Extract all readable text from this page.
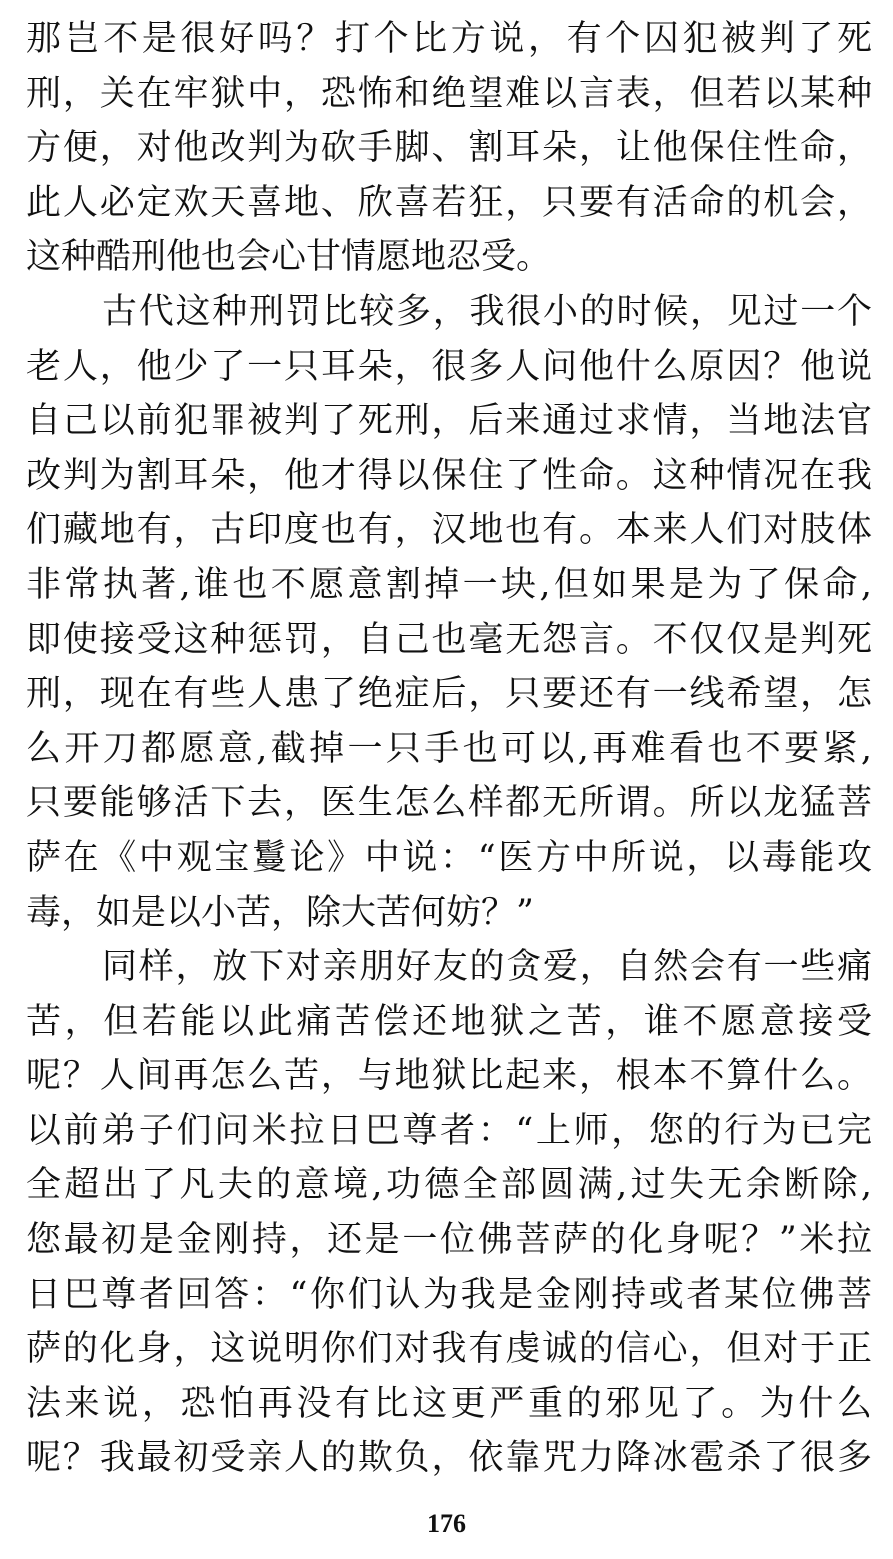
那岂不是很好吗？打个比方说，有个囚犯被判了死
刑，关在牢狱中，恐怖和绝望难以言表，但若以某种
方便，对他改判为砍手脚、割耳朵，让他保住性命，
此人必定欢天喜地、欣喜若狂，只要有活命的机会，
这种酷刑他也会心甘情愿地忍受。
古代这种刑罚比较多，我很小的时候，见过一个
老人，他少了一只耳朵，很多人问他什么原因？他说
自己以前犯罪被判了死刑，后来通过求情，当地法官
改判为割耳朵，他才得以保住了性命。这种情况在我
们藏地有，古印度也有，汉地也有。本来人们对肢体
非常执著,谁也不愿意割掉一块,但如果是为了保命,
即使接受这种惩罚，自己也毫无怨言。不仅仅是判死
刑，现在有些人患了绝症后，只要还有一线希望，怎
么开刀都愿意,截掉一只手也可以,再难看也不要紧,
只要能够活下去，医生怎么样都无所谓。所以龙猛菩
萨在《中观宝鬘论》中说：“医方中所说，以毒能攻
毒，如是以小苦，除大苦何妨？”
同样，放下对亲朋好友的贪爱，自然会有一些痛
苦，但若能以此痛苦偿还地狱之苦，谁不愿意接受
呢？人间再怎么苦，与地狱比起来，根本不算什么。
以前弟子们问米拉日巴尊者：“上师，您的行为已完
全超出了凡夫的意境,功德全部圆满,过失无余断除,
您最初是金刚持，还是一位佛菩萨的化身呢？”米拉
日巴尊者回答：“你们认为我是金刚持或者某位佛菩
萨的化身，这说明你们对我有虔诚的信心，但对于正
法来说，恐怕再没有比这更严重的邪见了。为什么
呢？我最初受亲人的欺负，依靠咒力降冰雹杀了很多
176
